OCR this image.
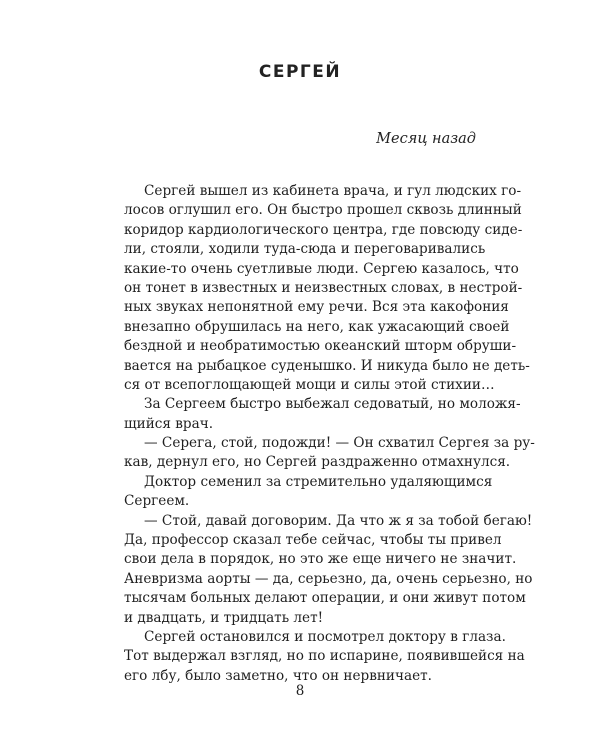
СЕРГЕЙ
Месяц назад
Сергей вышел из кабинета врача, и гул людских го-
лосов оглушил его. Он быстро прошел сквозь длинный
коридор кардиологического центра, где повсюду сиде-
ли, стояли, ходили туда-сюда и переговаривались
какие-то очень суетливые люди. Сергею казалось, что
он тонет в известных и неизвестных словах, в нестрой-
ных звуках непонятной ему речи. Вся эта какофония
внезапно обрушилась на него, как ужасающий своей
бездной и необратимостью океанский шторм обруши-
вается на рыбацкое суденышко. И никуда было не деть-
ся от всепоглощающей мощи и силы этой стихии…
За Сергеем быстро выбежал седоватый, но моложя-
щийся врач.
— Серега, стой, подожди! — Он схватил Сергея за ру-
кав, дернул его, но Сергей раздраженно отмахнулся.
Доктор семенил за стремительно удаляющимся
Сергеем.
— Стой, давай договорим. Да что ж я за тобой бегаю!
Да, профессор сказал тебе сейчас, чтобы ты привел
свои дела в порядок, но это же еще ничего не значит.
Аневризма аорты — да, серьезно, да, очень серьезно, но
тысячам больных делают операции, и они живут потом
и двадцать, и тридцать лет!
Сергей остановился и посмотрел доктору в глаза.
Тот выдержал взгляд, но по испарине, появившейся на
его лбу, было заметно, что он нервничает.
8
